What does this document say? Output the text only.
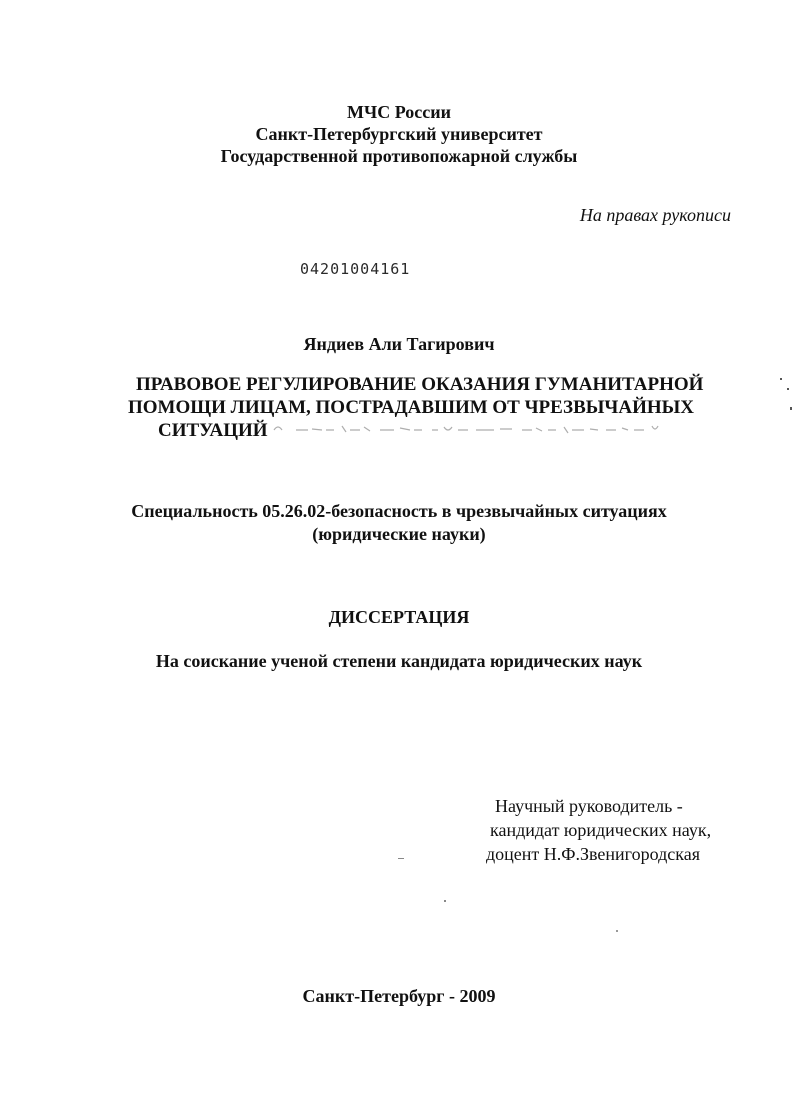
МЧС России
Санкт-Петербургский университет
Государственной противопожарной службы
На правах рукописи
04201004161
Яндиев Али Тагирович
ПРАВОВОЕ РЕГУЛИРОВАНИЕ ОКАЗАНИЯ ГУМАНИТАРНОЙ
ПОМОЩИ ЛИЦАМ, ПОСТРАДАВШИМ ОТ ЧРЕЗВЫЧАЙНЫХ
СИТУАЦИЙ
Специальность 05.26.02-безопасность в чрезвычайных ситуациях
(юридические науки)
ДИССЕРТАЦИЯ
На соискание ученой степени кандидата юридических наук
Научный руководитель -
кандидат юридических наук,
доцент Н.Ф.Звенигородская
Санкт-Петербург - 2009
